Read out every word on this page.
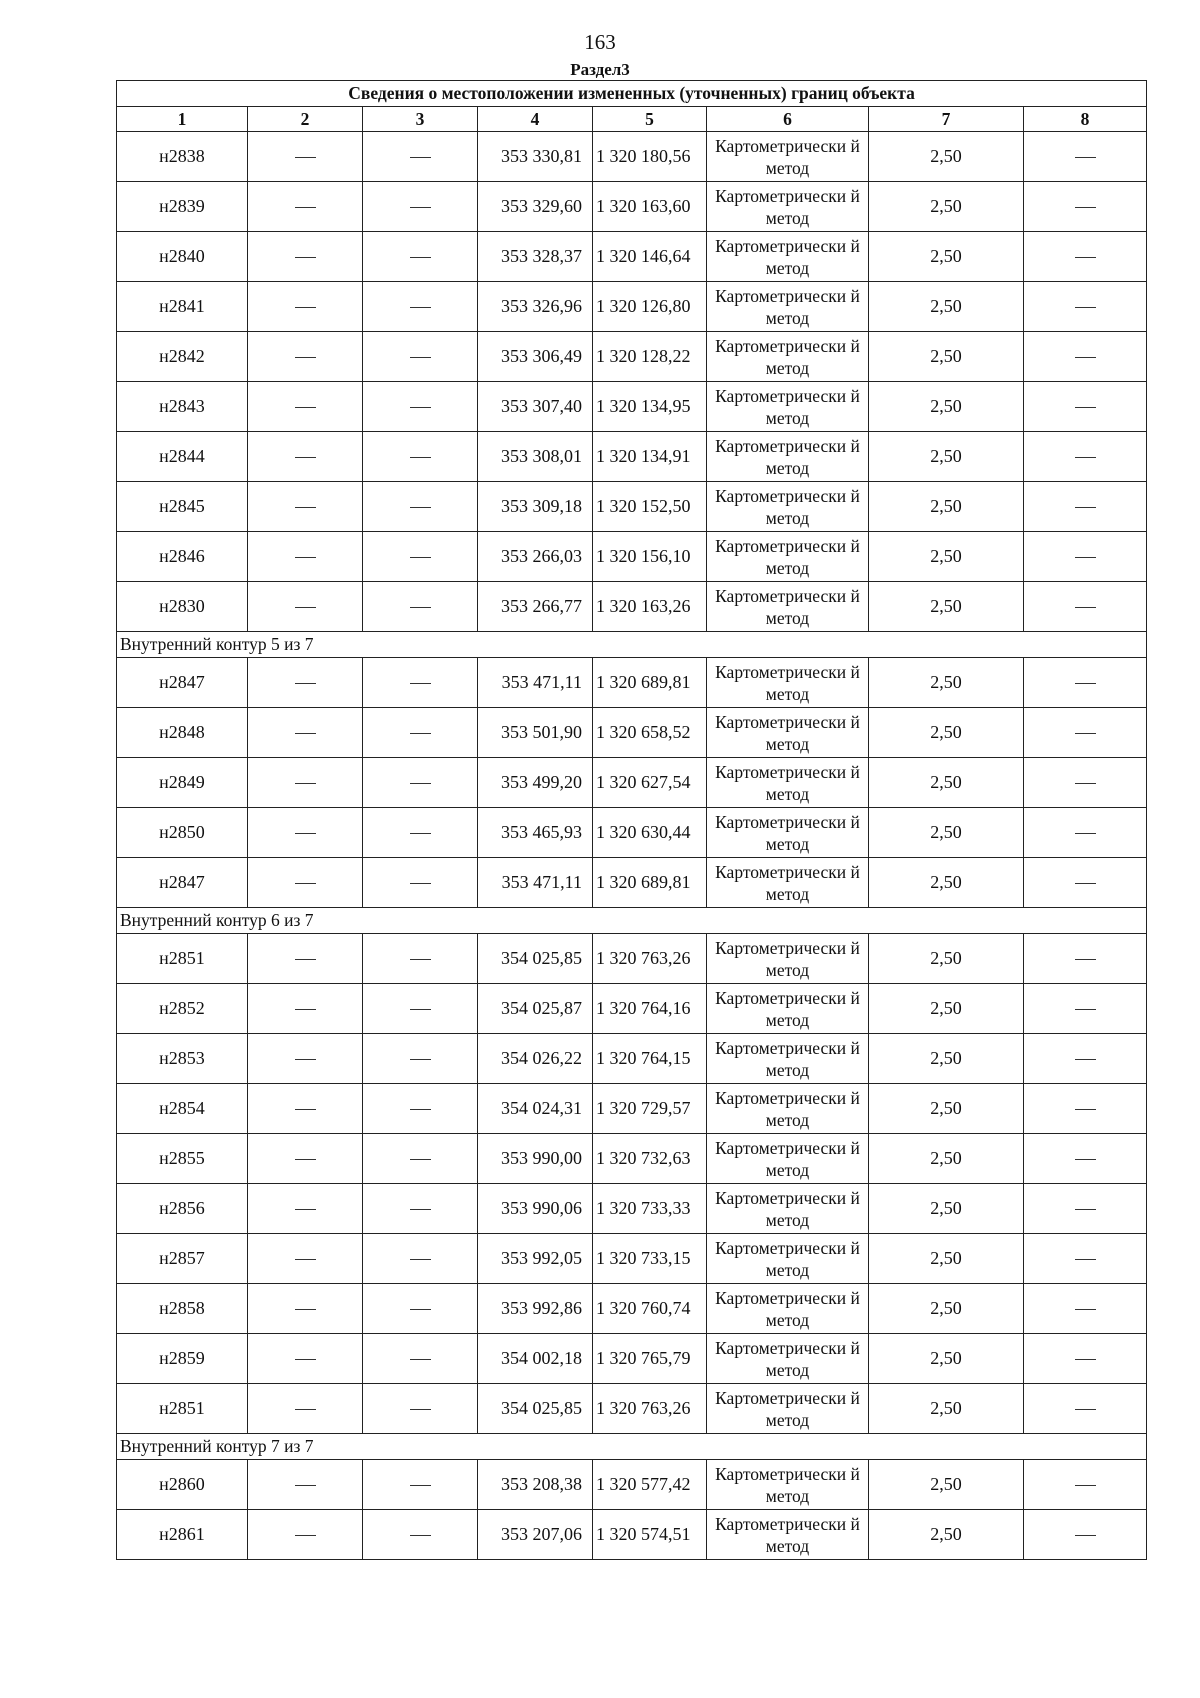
163
Раздел3
Сведения о местоположении измененных (уточненных) границ объекта							
1	2	3	4	5	6	7	8
н2838			353 330,81	1 320 180,56	Картометрически й метод	2,50	
н2839			353 329,60	1 320 163,60	Картометрически й метод	2,50	
н2840			353 328,37	1 320 146,64	Картометрически й метод	2,50	
н2841			353 326,96	1 320 126,80	Картометрически й метод	2,50	
н2842			353 306,49	1 320 128,22	Картометрически й метод	2,50	
н2843			353 307,40	1 320 134,95	Картометрически й метод	2,50	
н2844			353 308,01	1 320 134,91	Картометрически й метод	2,50	
н2845			353 309,18	1 320 152,50	Картометрически й метод	2,50	
н2846			353 266,03	1 320 156,10	Картометрически й метод	2,50	
н2830			353 266,77	1 320 163,26	Картометрически й метод	2,50	
Внутренний контур 5 из 7							
н2847			353 471,11	1 320 689,81	Картометрически й метод	2,50	
н2848			353 501,90	1 320 658,52	Картометрически й метод	2,50	
н2849			353 499,20	1 320 627,54	Картометрически й метод	2,50	
н2850			353 465,93	1 320 630,44	Картометрически й метод	2,50	
н2847			353 471,11	1 320 689,81	Картометрически й метод	2,50	
Внутренний контур 6 из 7							
н2851			354 025,85	1 320 763,26	Картометрически й метод	2,50	
н2852			354 025,87	1 320 764,16	Картометрически й метод	2,50	
н2853			354 026,22	1 320 764,15	Картометрически й метод	2,50	
н2854			354 024,31	1 320 729,57	Картометрически й метод	2,50	
н2855			353 990,00	1 320 732,63	Картометрически й метод	2,50	
н2856			353 990,06	1 320 733,33	Картометрически й метод	2,50	
н2857			353 992,05	1 320 733,15	Картометрически й метод	2,50	
н2858			353 992,86	1 320 760,74	Картометрически й метод	2,50	
н2859			354 002,18	1 320 765,79	Картометрически й метод	2,50	
н2851			354 025,85	1 320 763,26	Картометрически й метод	2,50	
Внутренний контур 7 из 7							
н2860			353 208,38	1 320 577,42	Картометрически й метод	2,50	
н2861			353 207,06	1 320 574,51	Картометрически й метод	2,50	
